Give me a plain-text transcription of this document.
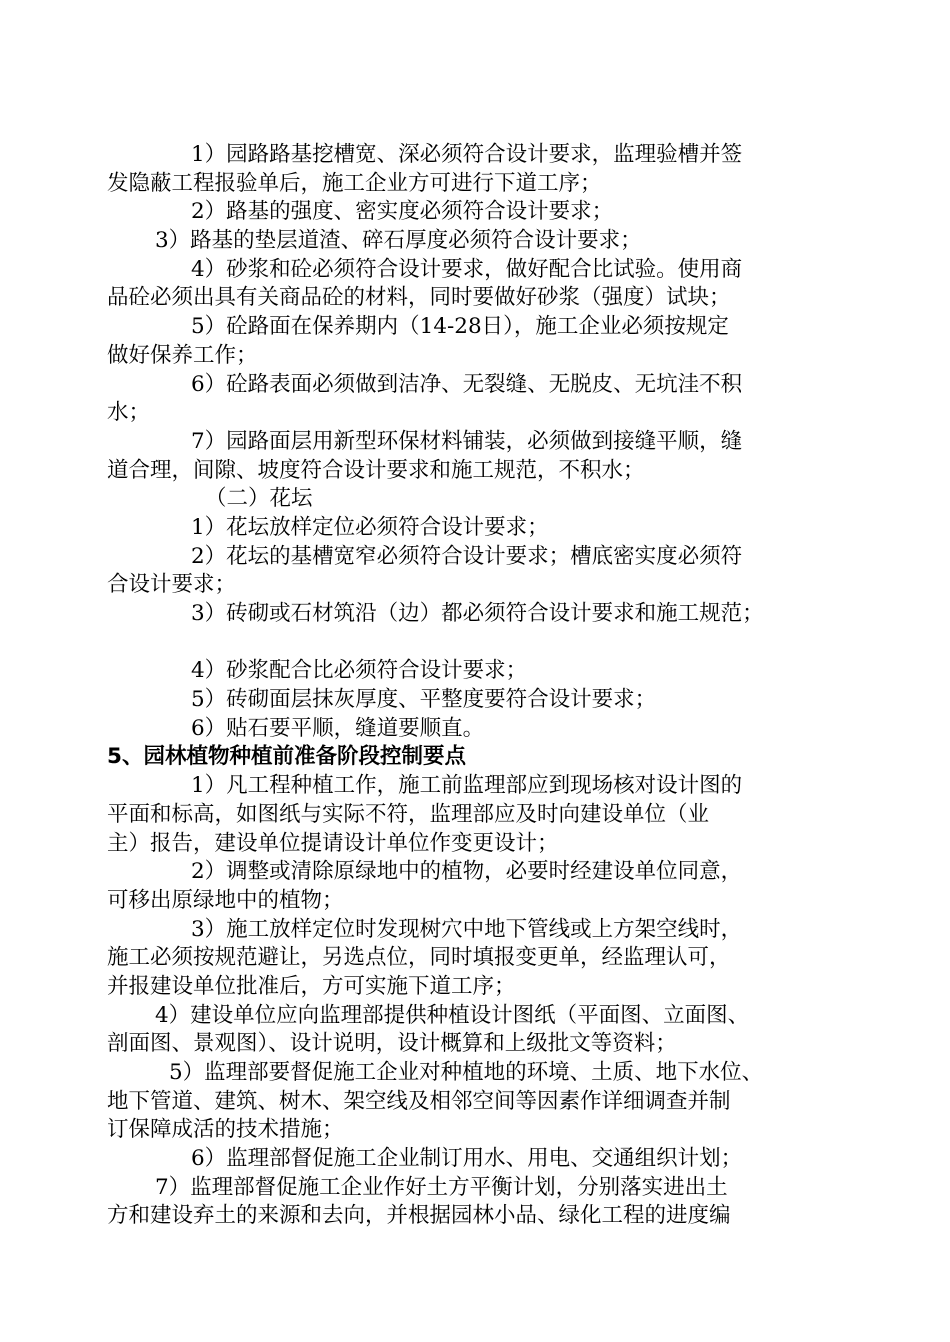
1）园路路基挖槽宽、深必须符合设计要求，监理验槽并签
发隐蔽工程报验单后，施工企业方可进行下道工序；
2）路基的强度、密实度必须符合设计要求；
3）路基的垫层道渣、碎石厚度必须符合设计要求；
4）砂浆和砼必须符合设计要求，做好配合比试验。使用商
品砼必须出具有关商品砼的材料，同时要做好砂浆（强度）试块；
5）砼路面在保养期内（14-28日），施工企业必须按规定
做好保养工作；
6）砼路表面必须做到洁净、无裂缝、无脱皮、无坑洼不积
水；
7）园路面层用新型环保材料铺装，必须做到接缝平顺，缝
道合理，间隙、坡度符合设计要求和施工规范，不积水；
（二）花坛
1）花坛放样定位必须符合设计要求；
2）花坛的基槽宽窄必须符合设计要求；槽底密实度必须符
合设计要求；
3）砖砌或石材筑沿（边）都必须符合设计要求和施工规范；
4）砂浆配合比必须符合设计要求；
5）砖砌面层抹灰厚度、平整度要符合设计要求；
6）贴石要平顺，缝道要顺直。
5、园林植物种植前准备阶段控制要点
1）凡工程种植工作，施工前监理部应到现场核对设计图的
平面和标高，如图纸与实际不符，监理部应及时向建设单位（业
主）报告，建设单位提请设计单位作变更设计；
2）调整或清除原绿地中的植物，必要时经建设单位同意，
可移出原绿地中的植物；
3）施工放样定位时发现树穴中地下管线或上方架空线时，
施工必须按规范避让，另选点位，同时填报变更单，经监理认可，
并报建设单位批准后，方可实施下道工序；
4）建设单位应向监理部提供种植设计图纸（平面图、立面图、
剖面图、景观图）、设计说明，设计概算和上级批文等资料；
5）监理部要督促施工企业对种植地的环境、土质、地下水位、
地下管道、建筑、树木、架空线及相邻空间等因素作详细调查并制
订保障成活的技术措施；
6）监理部督促施工企业制订用水、用电、交通组织计划；
7）监理部督促施工企业作好土方平衡计划，分别落实进出土
方和建设弃土的来源和去向，并根据园林小品、绿化工程的进度编
